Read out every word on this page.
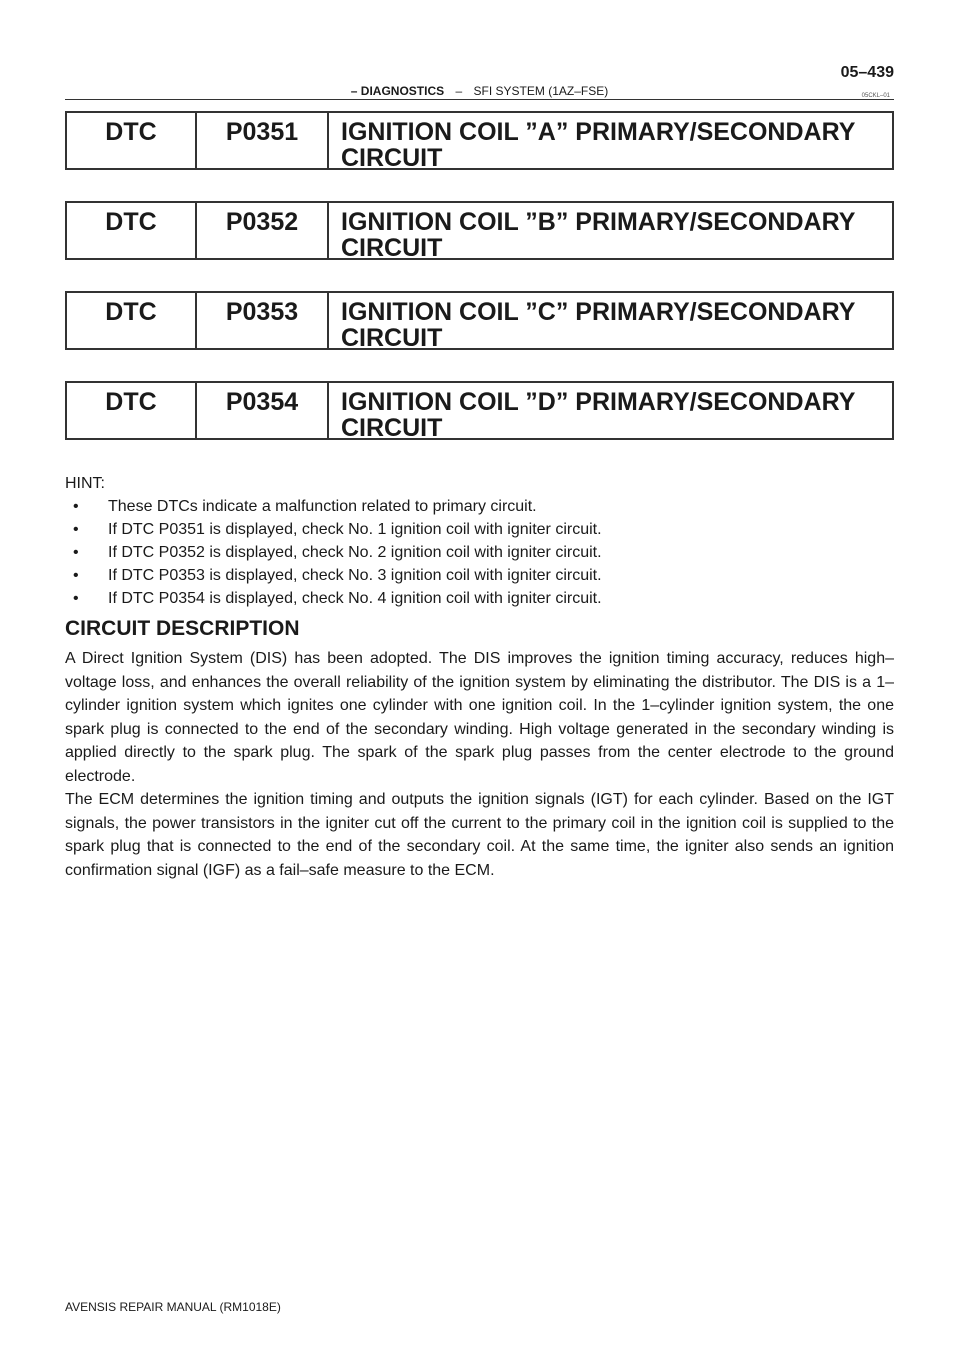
05–439
– DIAGNOSTICS – SFI SYSTEM (1AZ–FSE)	05CKL–01
DTC	P0351	IGNITION COIL ”A” PRIMARY/SECONDARY
CIRCUIT
DTC	P0352	IGNITION COIL ”B” PRIMARY/SECONDARY
CIRCUIT
DTC	P0353	IGNITION COIL ”C” PRIMARY/SECONDARY
CIRCUIT
DTC	P0354	IGNITION COIL ”D” PRIMARY/SECONDARY
CIRCUIT
HINT:
• These DTCs indicate a malfunction related to primary circuit.
• If DTC P0351 is displayed, check No. 1 ignition coil with igniter circuit.
• If DTC P0352 is displayed, check No. 2 ignition coil with igniter circuit.
• If DTC P0353 is displayed, check No. 3 ignition coil with igniter circuit.
• If DTC P0354 is displayed, check No. 4 ignition coil with igniter circuit.
CIRCUIT DESCRIPTION

A Direct Ignition System (DIS) has been adopted. The DIS improves the ignition timing accuracy, reduces high–voltage loss, and enhances the overall reliability of the ignition system by eliminating the distributor. The DIS is a 1–cylinder ignition system which ignites one cylinder with one ignition coil. In the 1–cylinder ignition system, the one spark plug is connected to the end of the secondary winding. High voltage generated in the secondary winding is applied directly to the spark plug. The spark of the spark plug passes from the center electrode to the ground electrode.

The ECM determines the ignition timing and outputs the ignition signals (IGT) for each cylinder. Based on the IGT signals, the power transistors in the igniter cut off the current to the primary coil in the ignition coil is supplied to the spark plug that is connected to the end of the secondary coil. At the same time, the igniter also sends an ignition confirmation signal (IGF) as a fail–safe measure to the ECM.

AVENSIS REPAIR MANUAL (RM1018E)
